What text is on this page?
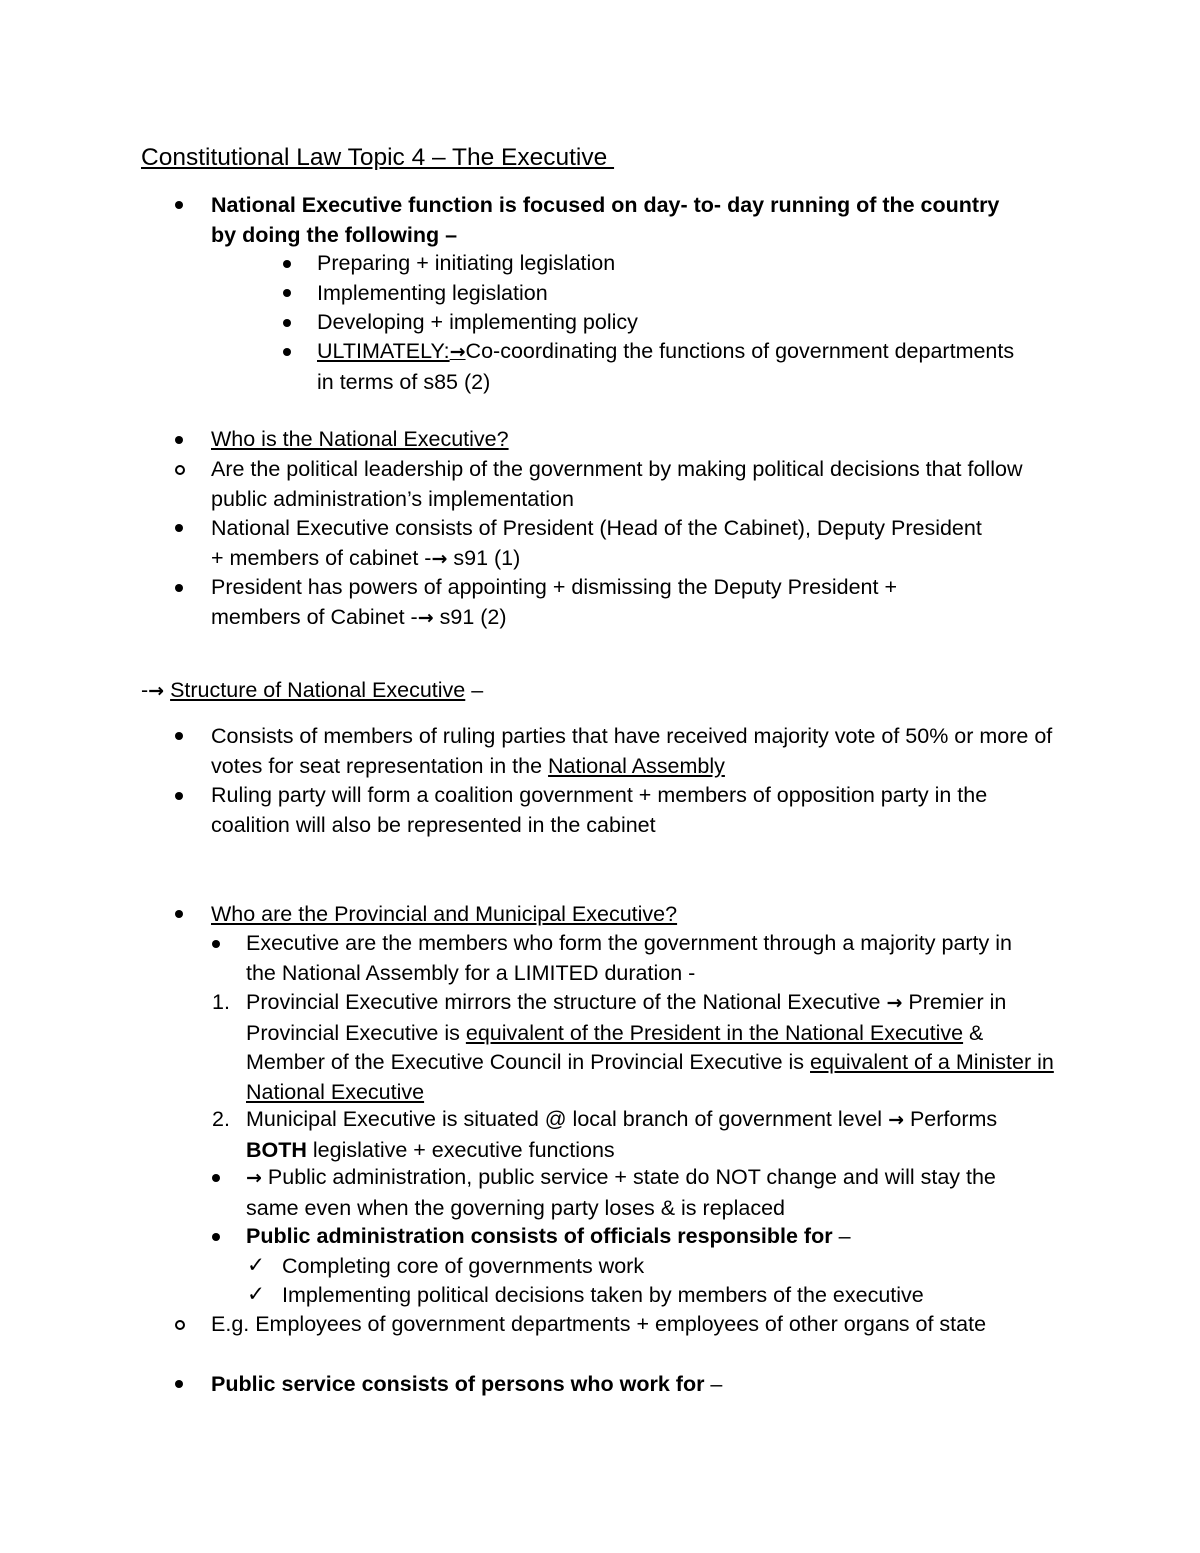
Constitutional Law Topic 4 – The Executive
National Executive function is focused on day- to- day running of the country by doing the following –
Preparing + initiating legislation
Implementing legislation
Developing + implementing policy
ULTIMATELY:→Co-coordinating the functions of government departments in terms of s85 (2)
Who is the National Executive?
Are the political leadership of the government by making political decisions that follow public administration’s implementation
National Executive consists of President (Head of the Cabinet), Deputy President + members of cabinet -→ s91 (1)
President has powers of appointing + dismissing the Deputy President + members of Cabinet -→ s91 (2)
-→ Structure of National Executive –
Consists of members of ruling parties that have received majority vote of 50% or more of votes for seat representation in the National Assembly
Ruling party will form a coalition government + members of opposition party in the coalition will also be represented in the cabinet
Who are the Provincial and Municipal Executive?
Executive are the members who form the government through a majority party in the National Assembly for a LIMITED duration -
1. Provincial Executive mirrors the structure of the National Executive → Premier in Provincial Executive is equivalent of the President in the National Executive & Member of the Executive Council in Provincial Executive is equivalent of a Minister in National Executive
2. Municipal Executive is situated @ local branch of government level → Performs BOTH legislative + executive functions
→ Public administration, public service + state do NOT change and will stay the same even when the governing party loses & is replaced
Public administration consists of officials responsible for –
✓ Completing core of governments work
✓ Implementing political decisions taken by members of the executive
E.g. Employees of government departments + employees of other organs of state
Public service consists of persons who work for –
